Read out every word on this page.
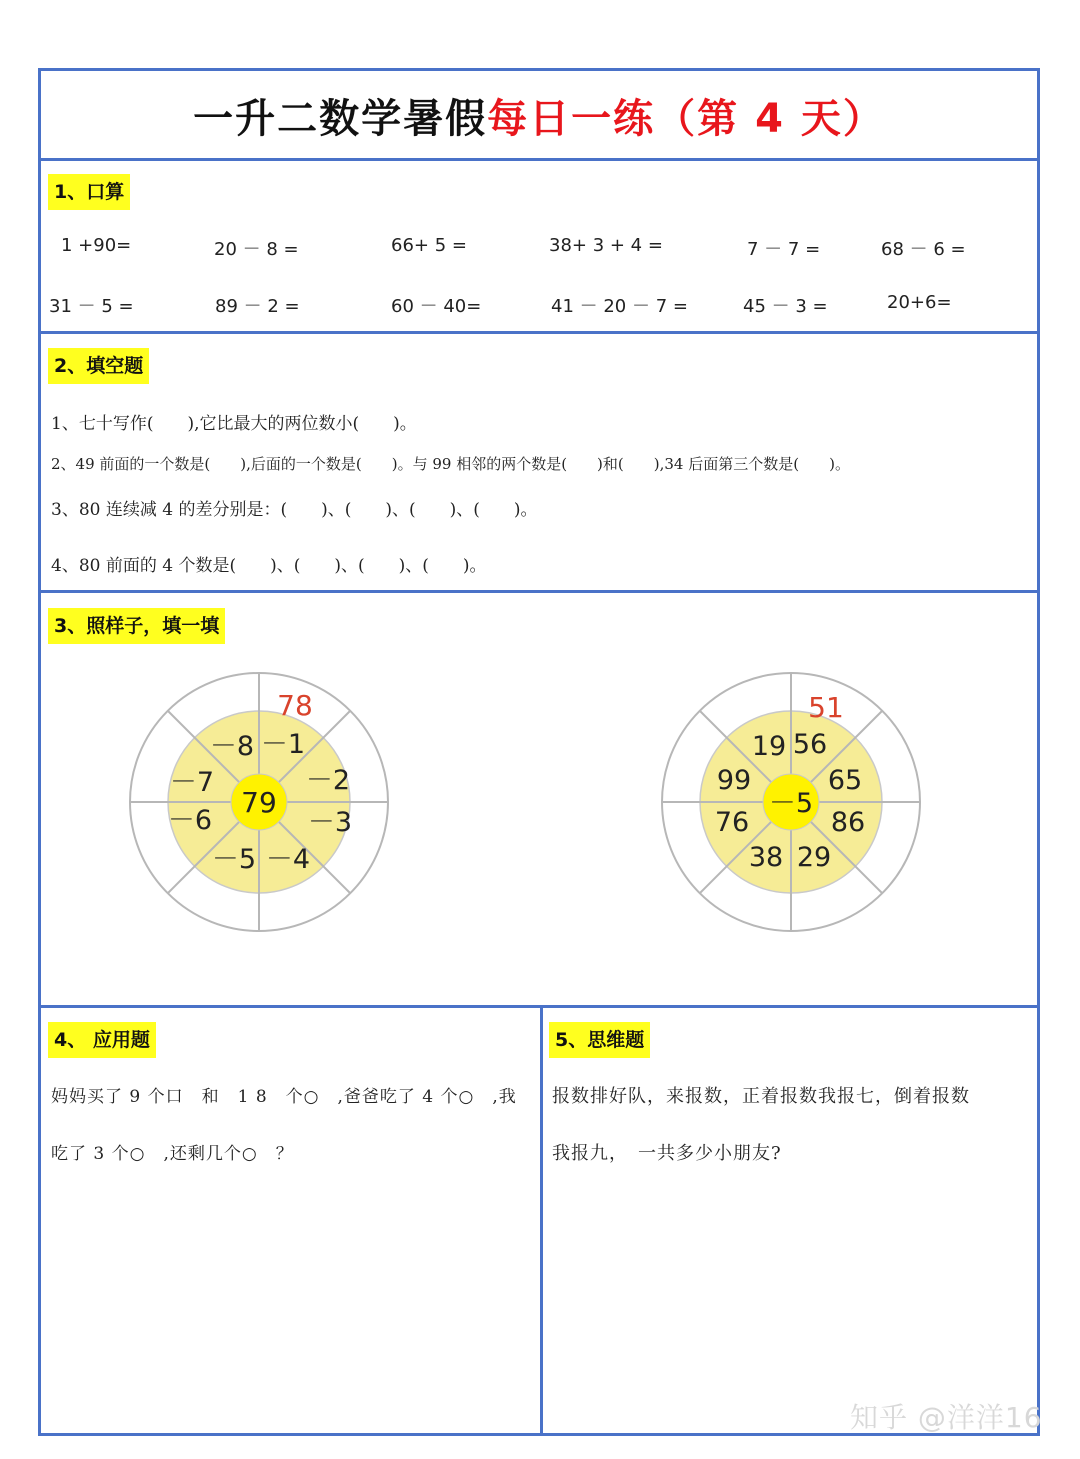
一升二数学暑假 每日一练（第 4 天）
1、口算
1 +90=	20 － 8 =	66+ 5 =	38+ 3 + 4 =	7 － 7 =	68 － 6 =
31 － 5 =	89 － 2 =	60 － 40=	41 － 20 － 7 =	45 － 3 =	20+6=
2、填空题
1、七十写作(　　),它比最大的两位数小(　　)。
2、49 前面的一个数是(　　),后面的一个数是(　　)。与 99 相邻的两个数是(　　)和(　　),34 后面第三个数是(　　)。
3、80 连续减 4 的差分别是：(　　)、(　　)、(　　)、(　　)。
4、80 前面的 4 个数是(　　)、(　　)、(　　)、(　　)。
3、照样子，填一填
79
78
－1
－2
－3
－4
－5
－6
－7
－8
－5
51
56
65
86
29
38
76
99
19
4、 应用题
妈妈买了 9 个口　和　1 8　个○　,爸爸吃了 4 个○　,我
吃了 3 个○　,还剩几个○　？
5、思维题
报数排好队，来报数，正着报数我报七，倒着报数
我报九，　一共多少小朋友?
知乎 @洋洋16
